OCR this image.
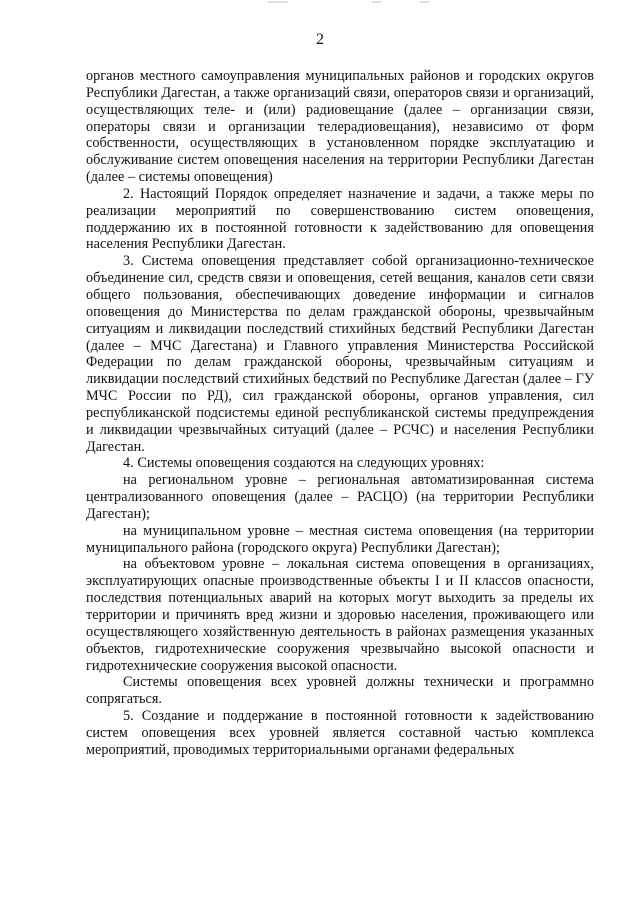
2

органов местного самоуправления муниципальных районов и городских округов Республики Дагестан, а также организаций связи, операторов связи и организаций, осуществляющих теле- и (или) радиовещание (далее – организации связи, операторы связи и организации телерадиовещания), независимо от форм собственности, осуществляющих в установленном порядке эксплуатацию и обслуживание систем оповещения населения на территории Республики Дагестан (далее – системы оповещения)

2. Настоящий Порядок определяет назначение и задачи, а также меры по реализации мероприятий по совершенствованию систем оповещения, поддержанию их в постоянной готовности к задействованию для оповещения населения Республики Дагестан.

3. Система оповещения представляет собой организационно-техническое объединение сил, средств связи и оповещения, сетей вещания, каналов сети связи общего пользования, обеспечивающих доведение информации и сигналов оповещения до Министерства по делам гражданской обороны, чрезвычайным ситуациям и ликвидации последствий стихийных бедствий Республики Дагестан (далее – МЧС Дагестана) и Главного управления Министерства Российской Федерации по делам гражданской обороны, чрезвычайным ситуациям и ликвидации последствий стихийных бедствий по Республике Дагестан (далее – ГУ МЧС России по РД), сил гражданской обороны, органов управления, сил республиканской подсистемы единой республиканской системы предупреждения и ликвидации чрезвычайных ситуаций (далее – РСЧС) и населения Республики Дагестан.

4. Системы оповещения создаются на следующих уровнях:

на региональном уровне – региональная автоматизированная система централизованного оповещения (далее – РАСЦО) (на территории Республики Дагестан);

на муниципальном уровне – местная система оповещения (на территории муниципального района (городского округа) Республики Дагестан);

на объектовом уровне – локальная система оповещения в организациях, эксплуатирующих опасные производственные объекты I и II классов опасности, последствия потенциальных аварий на которых могут выходить за пределы их территории и причинять вред жизни и здоровью населения, проживающего или осуществляющего хозяйственную деятельность в районах размещения указанных объектов, гидротехнические сооружения чрезвычайно высокой опасности и гидротехнические сооружения высокой опасности.

Системы оповещения всех уровней должны технически и программно сопрягаться.

5. Создание и поддержание в постоянной готовности к задействованию систем оповещения всех уровней является составной частью комплекса мероприятий, проводимых территориальными органами федеральных
